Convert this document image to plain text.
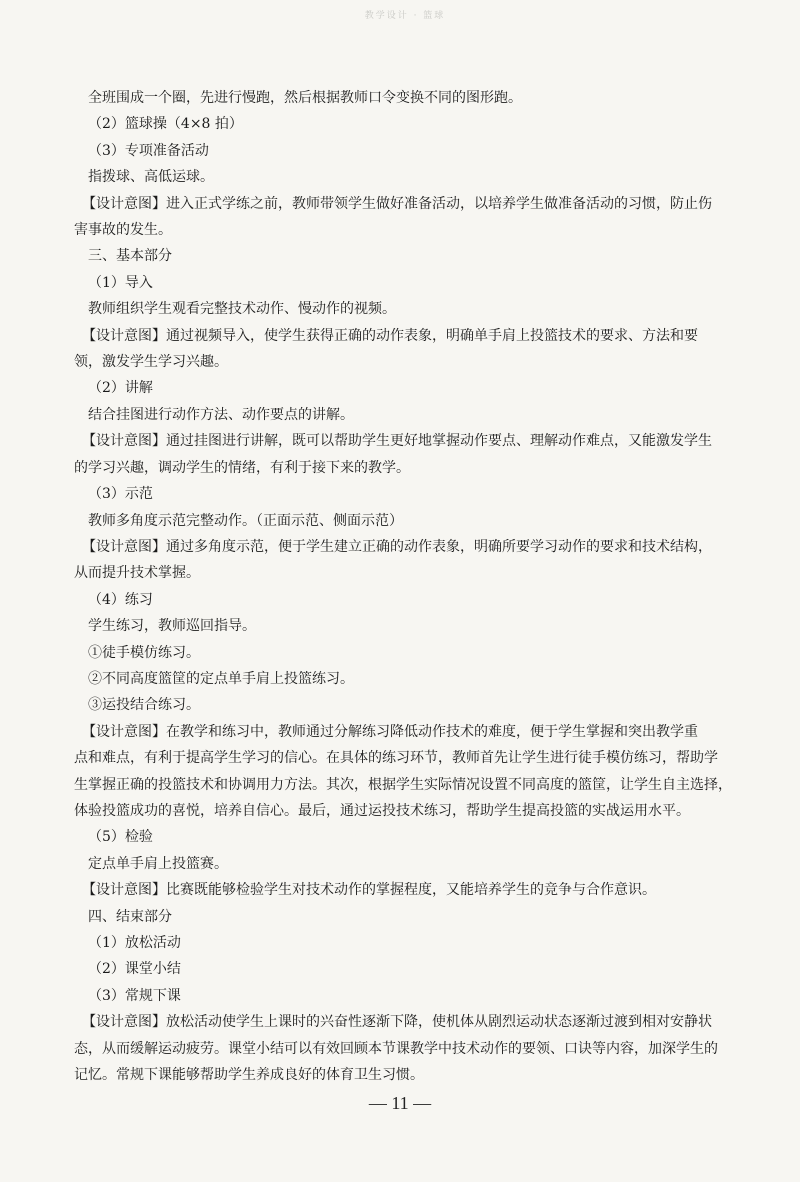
教学设计 · 篮球
全班围成一个圈，先进行慢跑，然后根据教师口令变换不同的图形跑。
（2）篮球操（4×8 拍）
（3）专项准备活动
指拨球、高低运球。
【设计意图】进入正式学练之前，教师带领学生做好准备活动，以培养学生做准备活动的习惯，防止伤
害事故的发生。
三、基本部分
（1）导入
教师组织学生观看完整技术动作、慢动作的视频。
【设计意图】通过视频导入，使学生获得正确的动作表象，明确单手肩上投篮技术的要求、方法和要
领，激发学生学习兴趣。
（2）讲解
结合挂图进行动作方法、动作要点的讲解。
【设计意图】通过挂图进行讲解，既可以帮助学生更好地掌握动作要点、理解动作难点，又能激发学生
的学习兴趣，调动学生的情绪，有利于接下来的教学。
（3）示范
教师多角度示范完整动作。（正面示范、侧面示范）
【设计意图】通过多角度示范，便于学生建立正确的动作表象，明确所要学习动作的要求和技术结构，
从而提升技术掌握。
（4）练习
学生练习，教师巡回指导。
①徒手模仿练习。
②不同高度篮筐的定点单手肩上投篮练习。
③运投结合练习。
【设计意图】在教学和练习中，教师通过分解练习降低动作技术的难度，便于学生掌握和突出教学重
点和难点，有利于提高学生学习的信心。在具体的练习环节，教师首先让学生进行徒手模仿练习，帮助学
生掌握正确的投篮技术和协调用力方法。其次，根据学生实际情况设置不同高度的篮筐，让学生自主选择，
体验投篮成功的喜悦，培养自信心。最后，通过运投技术练习，帮助学生提高投篮的实战运用水平。
（5）检验
定点单手肩上投篮赛。
【设计意图】比赛既能够检验学生对技术动作的掌握程度，又能培养学生的竞争与合作意识。
四、结束部分
（1）放松活动
（2）课堂小结
（3）常规下课
【设计意图】放松活动使学生上课时的兴奋性逐渐下降，使机体从剧烈运动状态逐渐过渡到相对安静状
态，从而缓解运动疲劳。课堂小结可以有效回顾本节课教学中技术动作的要领、口诀等内容，加深学生的
记忆。常规下课能够帮助学生养成良好的体育卫生习惯。
— 11 —
